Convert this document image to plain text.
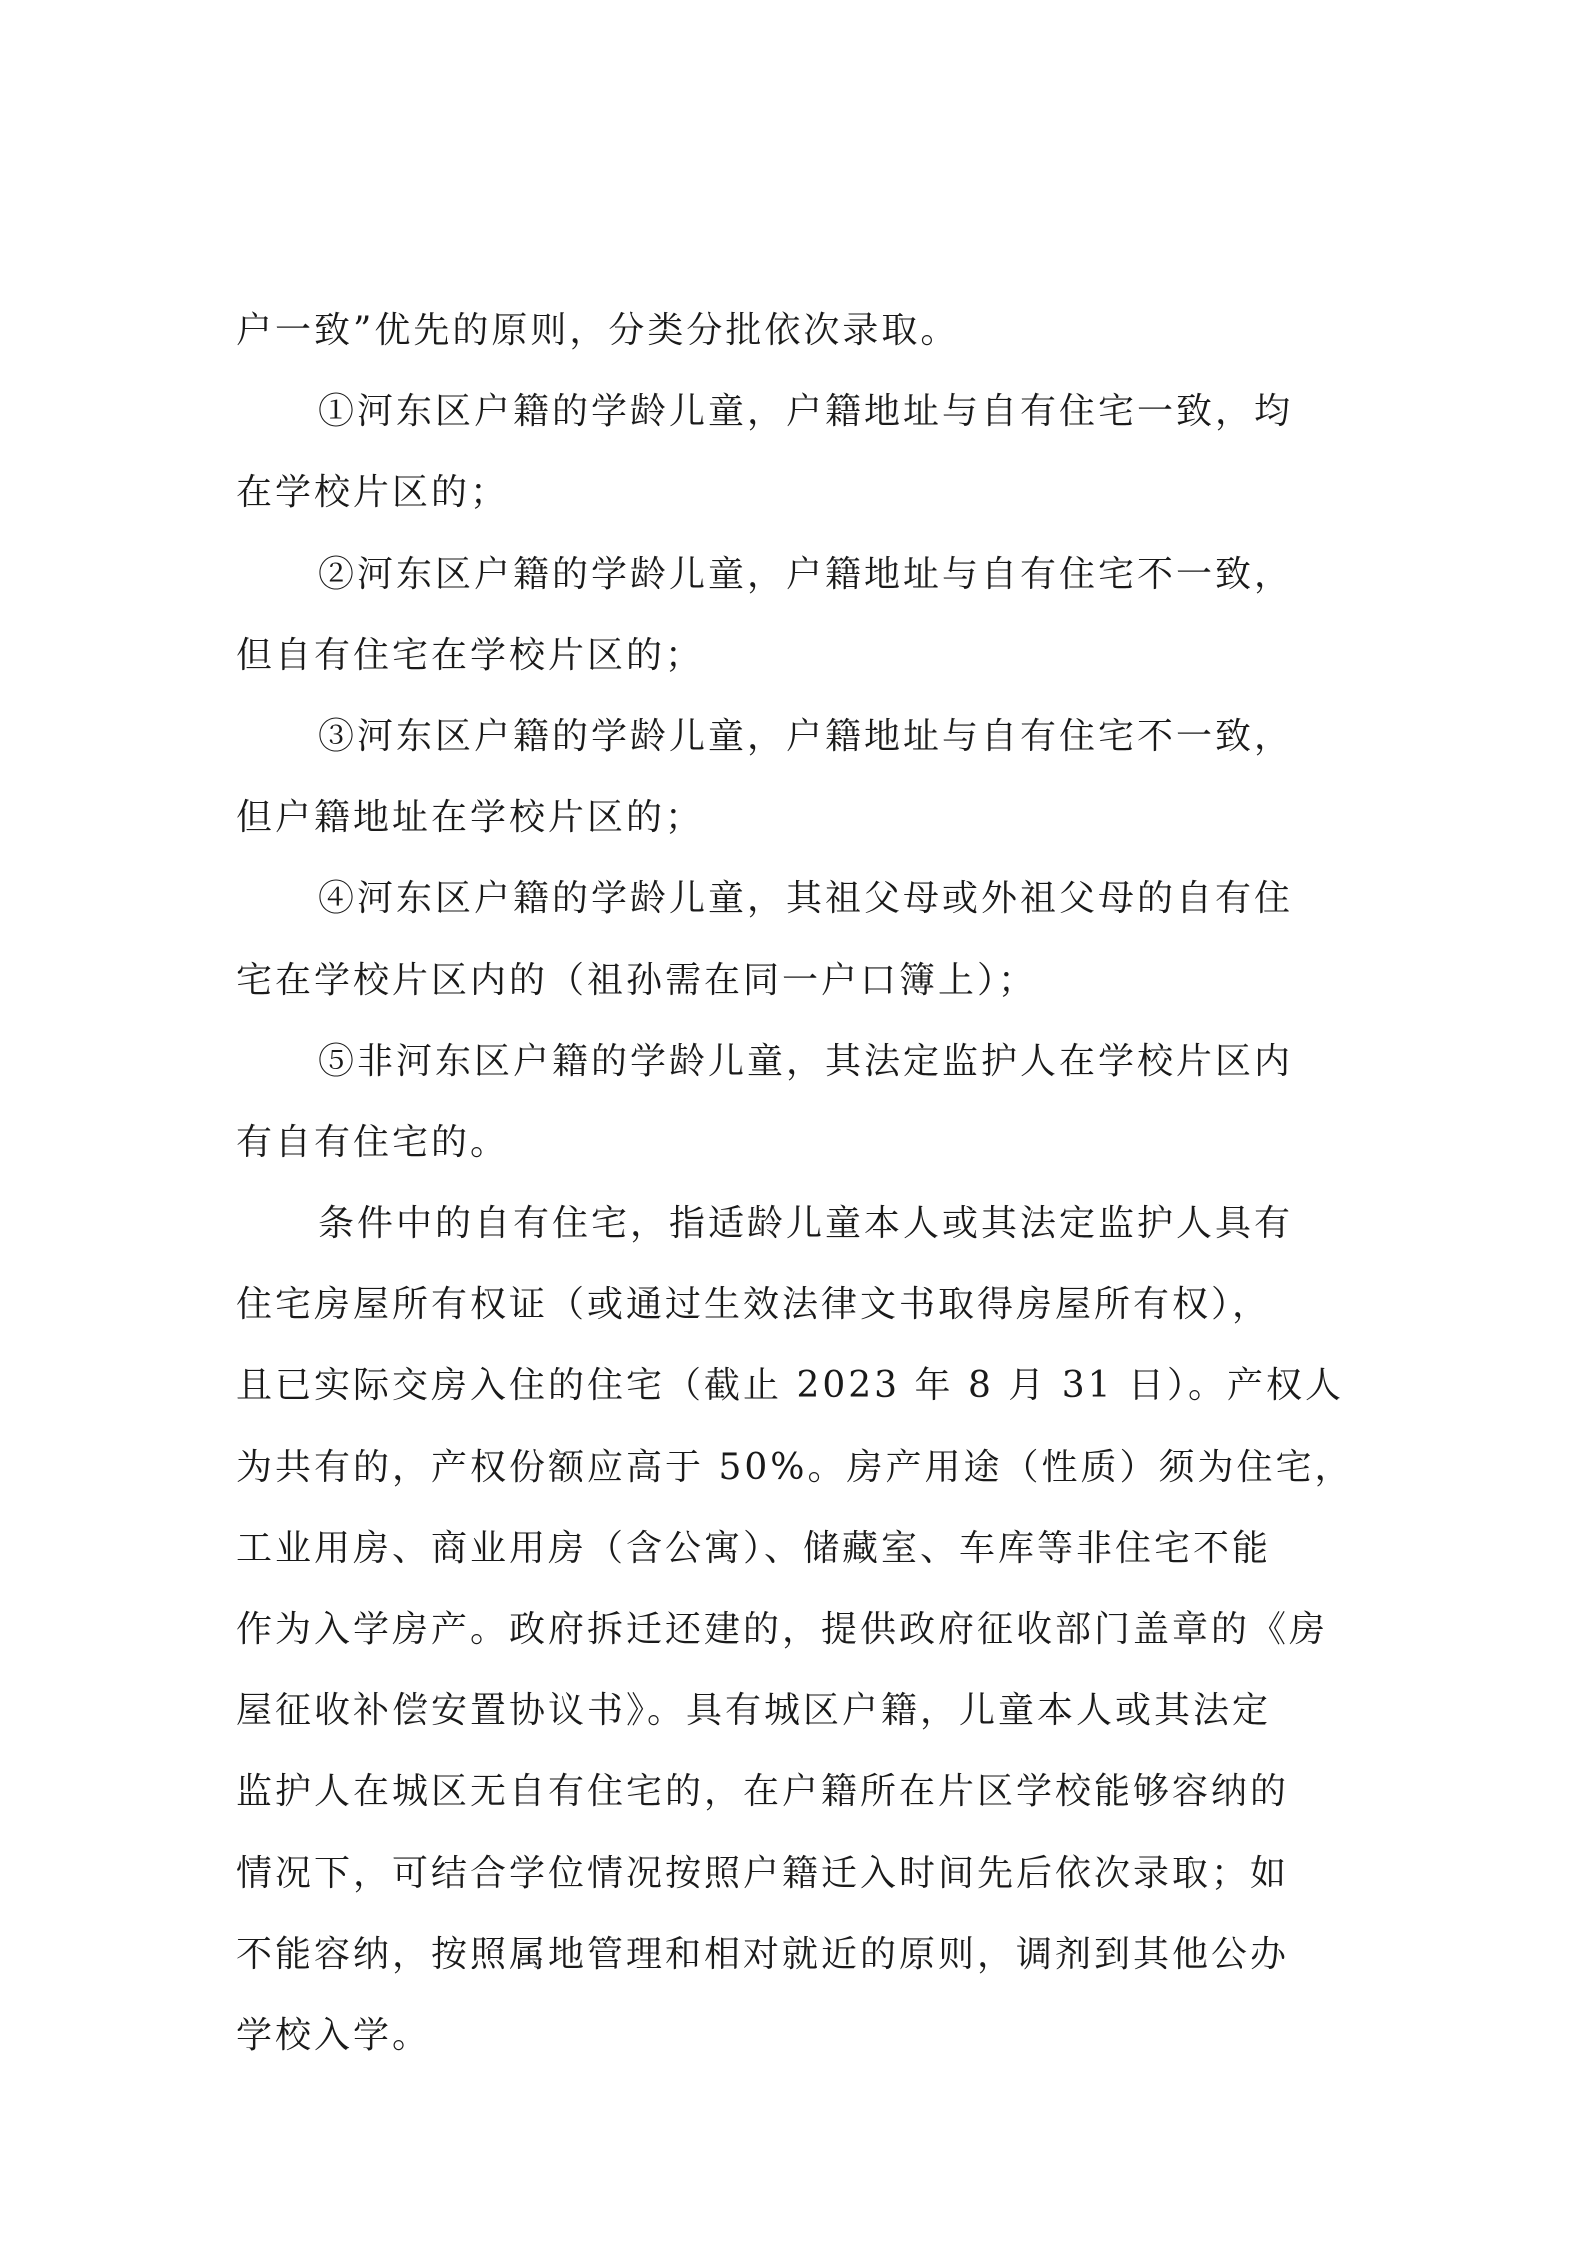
户一致”优先的原则，分类分批依次录取。
①河东区户籍的学龄儿童，户籍地址与自有住宅一致，均
在学校片区的；
②河东区户籍的学龄儿童，户籍地址与自有住宅不一致，
但自有住宅在学校片区的；
③河东区户籍的学龄儿童，户籍地址与自有住宅不一致，
但户籍地址在学校片区的；
④河东区户籍的学龄儿童，其祖父母或外祖父母的自有住
宅在学校片区内的（祖孙需在同一户口簿上）；
⑤非河东区户籍的学龄儿童，其法定监护人在学校片区内
有自有住宅的。
条件中的自有住宅，指适龄儿童本人或其法定监护人具有
住宅房屋所有权证（或通过生效法律文书取得房屋所有权），
且已实际交房入住的住宅（截止 2023 年 8 月 31 日）。产权人
为共有的，产权份额应高于 50%。房产用途（性质）须为住宅，
工业用房、商业用房（含公寓）、储藏室、车库等非住宅不能
作为入学房产。政府拆迁还建的，提供政府征收部门盖章的《房
屋征收补偿安置协议书》。具有城区户籍，儿童本人或其法定
监护人在城区无自有住宅的，在户籍所在片区学校能够容纳的
情况下，可结合学位情况按照户籍迁入时间先后依次录取；如
不能容纳，按照属地管理和相对就近的原则，调剂到其他公办
学校入学。
